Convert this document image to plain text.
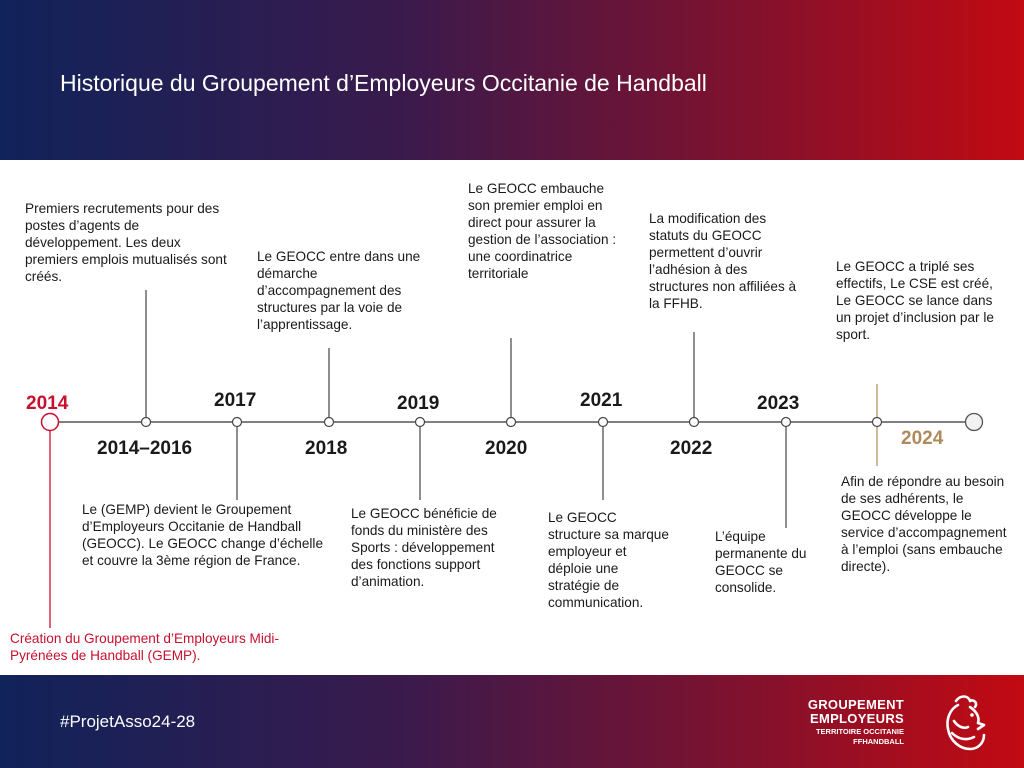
Historique du Groupement d’Employeurs Occitanie de Handball
2014
2014–2016
2017
2018
2019
2020
2021
2022
2023
2024
Premiers recrutements pour des postes d’agents de développement. Les deux premiers emplois mutualisés sont créés.
Le GEOCC entre dans une démarche d’accompagnement des structures par la voie de l’apprentissage.
Le GEOCC embauche son premier emploi en direct pour assurer la gestion de l’association : une coordinatrice territoriale
La modification des statuts du GEOCC permettent d’ouvrir l’adhésion à des structures non affiliées à la FFHB.
Le GEOCC a triplé ses effectifs, Le CSE est créé, Le GEOCC se lance dans un projet d’inclusion par le sport.
Le (GEMP) devient le Groupement d’Employeurs Occitanie de Handball (GEOCC). Le GEOCC change d’échelle et couvre la 3ème région de France.
Le GEOCC bénéficie de fonds du ministère des Sports : développement des fonctions support d’animation.
Le GEOCC structure sa marque employeur et déploie une stratégie de communication.
L’équipe permanente du GEOCC se consolide.
Afin de répondre au besoin de ses adhérents, le GEOCC développe le service d’accompagnement à l’emploi (sans embauche directe).
Création du Groupement d’Employeurs Midi-Pyrénées de Handball (GEMP).
#ProjetAsso24-28
GROUPEMENT
EMPLOYEURS
TERRITOIRE OCCITANIE
FFHANDBALL
